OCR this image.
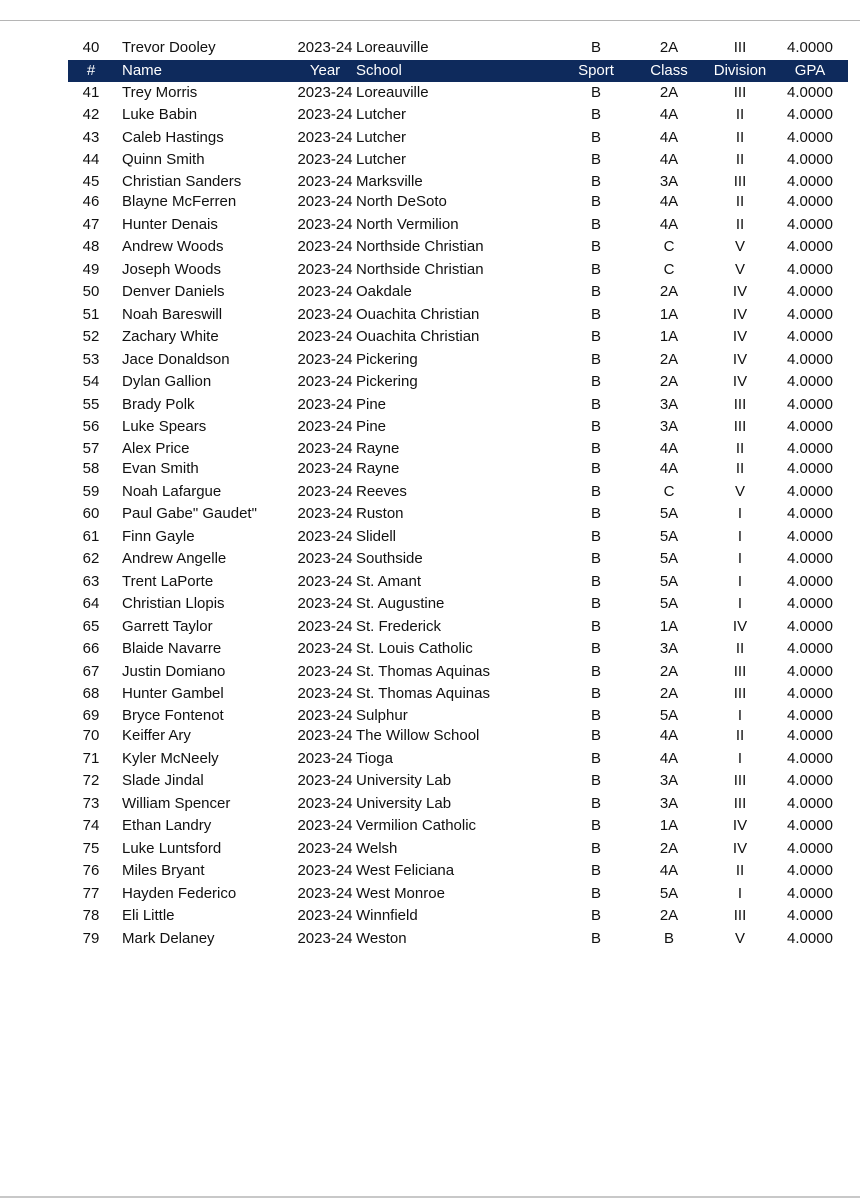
40	Trevor Dooley	2023-24 Loreauville	B	2A	III	4.0000
#	Name	Year	School	Sport	Class	Division	GPA
41	Trey Morris	2023-24 Loreauville	B	2A	III	4.0000
42	Luke Babin	2023-24 Lutcher	B	4A	II	4.0000
43	Caleb Hastings	2023-24 Lutcher	B	4A	II	4.0000
44	Quinn Smith	2023-24 Lutcher	B	4A	II	4.0000
45	Christian Sanders	2023-24 Marksville	B	3A	III	4.0000
46	Blayne McFerren	2023-24 North DeSoto	B	4A	II	4.0000
47	Hunter Denais	2023-24 North Vermilion	B	4A	II	4.0000
48	Andrew Woods	2023-24 Northside Christian	B	C	V	4.0000
49	Joseph Woods	2023-24 Northside Christian	B	C	V	4.0000
50	Denver Daniels	2023-24 Oakdale	B	2A	IV	4.0000
51	Noah Bareswill	2023-24 Ouachita Christian	B	1A	IV	4.0000
52	Zachary White	2023-24 Ouachita Christian	B	1A	IV	4.0000
53	Jace Donaldson	2023-24 Pickering	B	2A	IV	4.0000
54	Dylan Gallion	2023-24 Pickering	B	2A	IV	4.0000
55	Brady Polk	2023-24 Pine	B	3A	III	4.0000
56	Luke Spears	2023-24 Pine	B	3A	III	4.0000
57	Alex Price	2023-24 Rayne	B	4A	II	4.0000
58	Evan Smith	2023-24 Rayne	B	4A	II	4.0000
59	Noah Lafargue	2023-24 Reeves	B	C	V	4.0000
60	Paul Gabe" Gaudet"	2023-24 Ruston	B	5A	I	4.0000
61	Finn Gayle	2023-24 Slidell	B	5A	I	4.0000
62	Andrew Angelle	2023-24 Southside	B	5A	I	4.0000
63	Trent LaPorte	2023-24 St. Amant	B	5A	I	4.0000
64	Christian Llopis	2023-24 St. Augustine	B	5A	I	4.0000
65	Garrett Taylor	2023-24 St. Frederick	B	1A	IV	4.0000
66	Blaide Navarre	2023-24 St. Louis Catholic	B	3A	II	4.0000
67	Justin Domiano	2023-24 St. Thomas Aquinas	B	2A	III	4.0000
68	Hunter Gambel	2023-24 St. Thomas Aquinas	B	2A	III	4.0000
69	Bryce Fontenot	2023-24 Sulphur	B	5A	I	4.0000
70	Keiffer Ary	2023-24 The Willow School	B	4A	II	4.0000
71	Kyler McNeely	2023-24 Tioga	B	4A	I	4.0000
72	Slade Jindal	2023-24 University Lab	B	3A	III	4.0000
73	William Spencer	2023-24 University Lab	B	3A	III	4.0000
74	Ethan Landry	2023-24 Vermilion Catholic	B	1A	IV	4.0000
75	Luke Luntsford	2023-24 Welsh	B	2A	IV	4.0000
76	Miles Bryant	2023-24 West Feliciana	B	4A	II	4.0000
77	Hayden Federico	2023-24 West Monroe	B	5A	I	4.0000
78	Eli Little	2023-24 Winnfield	B	2A	III	4.0000
79	Mark Delaney	2023-24 Weston	B	B	V	4.0000
